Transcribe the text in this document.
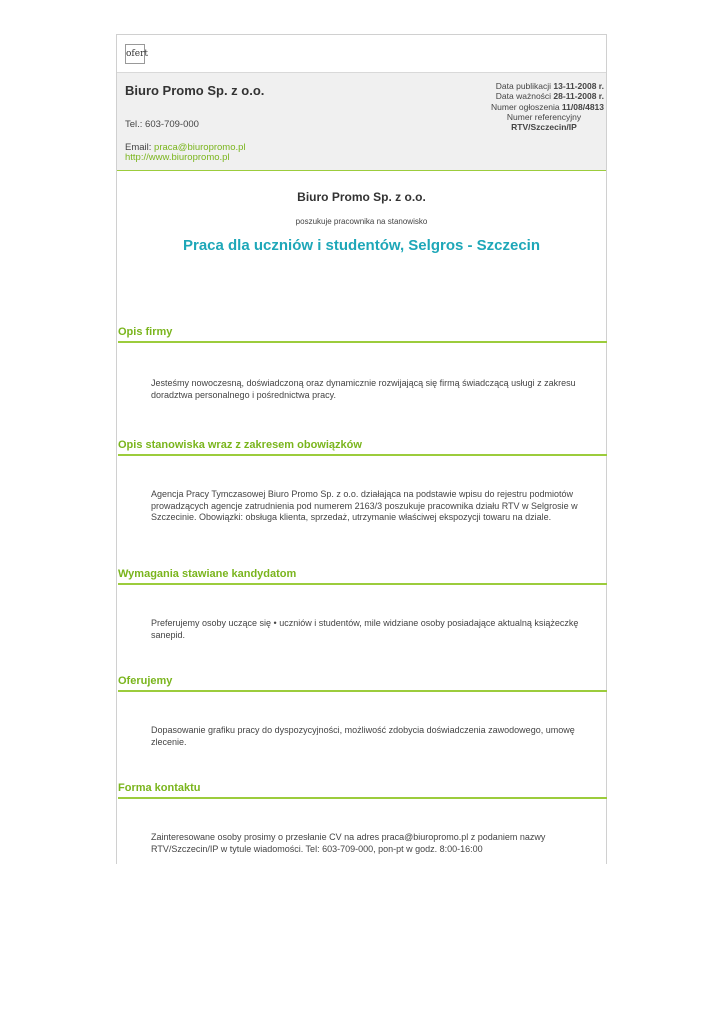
ofert
Biuro Promo Sp. z o.o.
Tel.: 603-709-000
Email: praca@biuropromo.pl
http://www.biuropromo.pl
Data publikacji 13-11-2008 r.
Data ważności 28-11-2008 r.
Numer ogłoszenia 11/08/4813
Numer referencyjny
RTV/Szczecin/IP
Biuro Promo Sp. z o.o.
poszukuje pracownika na stanowisko
Praca dla uczniów i studentów, Selgros - Szczecin
Opis firmy
Jesteśmy nowoczesną, doświadczoną oraz dynamicznie rozwijającą się firmą świadczącą usługi z zakresu doradztwa personalnego i pośrednictwa pracy.
Opis stanowiska wraz z zakresem obowiązków
Agencja Pracy Tymczasowej Biuro Promo Sp. z o.o. działająca na podstawie wpisu do rejestru podmiotów prowadzących agencje zatrudnienia pod numerem 2163/3 poszukuje pracownika działu RTV w Selgrosie w Szczecinie. Obowiązki: obsługa klienta, sprzedaż, utrzymanie właściwej ekspozycji towaru na dziale.
Wymagania stawiane kandydatom
Preferujemy osoby uczące się • uczniów i studentów, mile widziane osoby posiadające aktualną książeczkę sanepid.
Oferujemy
Dopasowanie grafiku pracy do dyspozycyjności, możliwość zdobycia doświadczenia zawodowego, umowę zlecenie.
Forma kontaktu
Zainteresowane osoby prosimy o przesłanie CV na adres praca@biuropromo.pl z podaniem nazwy RTV/Szczecin/IP w tytule wiadomości. Tel: 603-709-000, pon-pt w godz. 8:00-16:00
